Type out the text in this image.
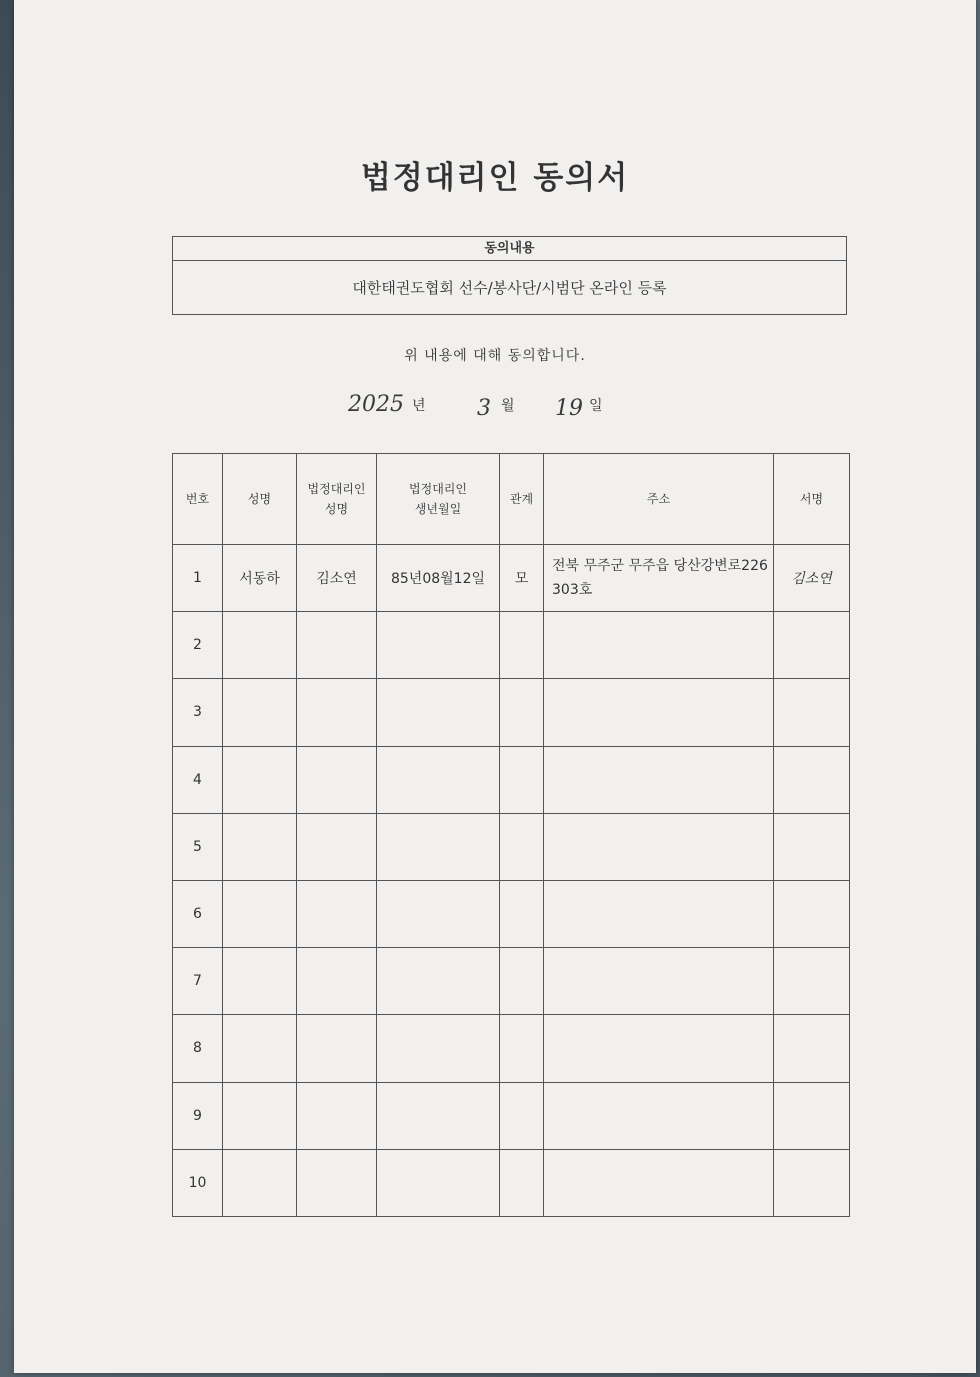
법정대리인 동의서
동의내용
대한태권도협회 선수/봉사단/시범단 온라인 등록
위 내용에 대해 동의합니다.
2025 년 3 월 19 일
번호	성명	법정대리인 성명	법정대리인 생년월일	관계	주소	서명
1	서동하	김소연	85년08월12일	모	전북 무주군 무주읍 당산강변로226 303호	김소연
2						
3						
4						
5						
6						
7						
8						
9						
10						
